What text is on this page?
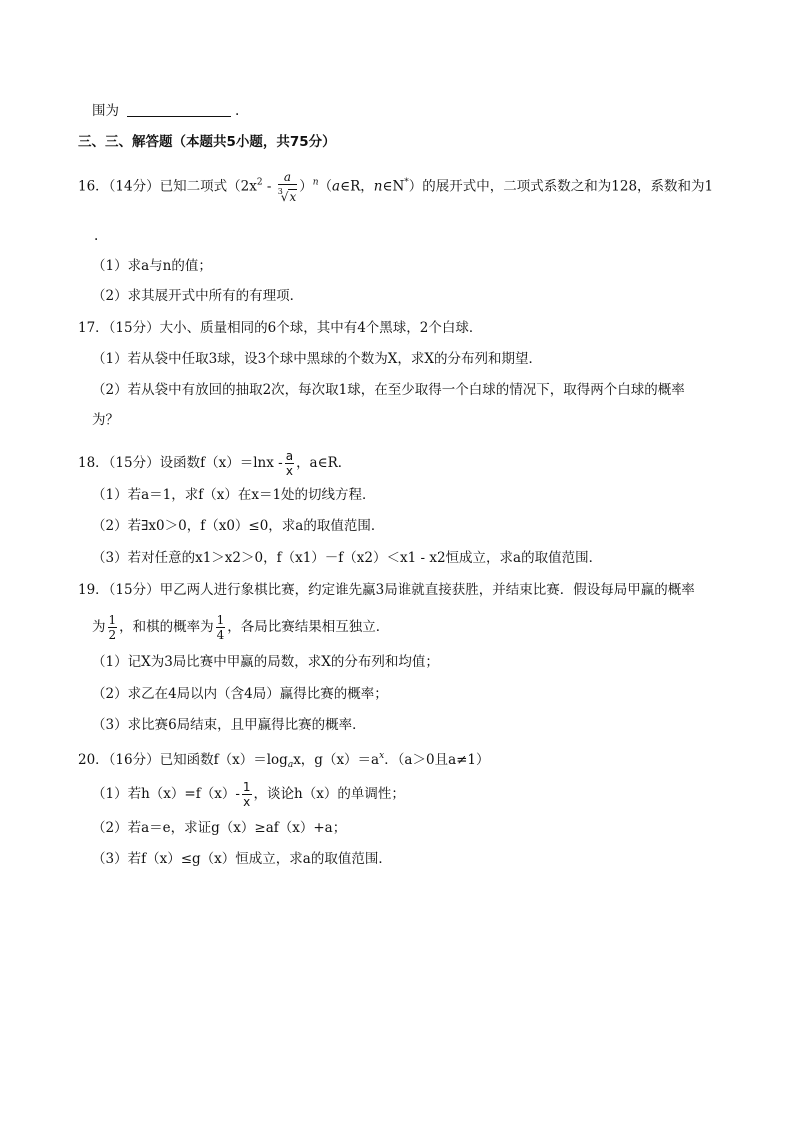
围为	.
三、三、解答题（本题共5小题，共75分）
16．（14分）已知二项式（$2x^2 - \frac{a}{^3√x}$ ）$^n$（a∈R，n∈N*）的展开式中，二项式系数之和为128，系数和为1
.
（1）求a与n的值；
（2）求其展开式中所有的有理项．
17．（15分）大小、质量相同的6个球，其中有4个黑球，2个白球．
（1）若从袋中任取3球，设3个球中黑球的个数为X，求X的分布列和期望．
（2）若从袋中有放回的抽取2次，每次取1球，在至少取得一个白球的情况下，取得两个白球的概率
为？
18．（15分）设函数$f(x)=\ln x - \frac{a}{x}$ ，a∈R．
（1）若a＝1，求f（x）在x＝1处的切线方程．
（2）若∃x0＞0，f（x0）≤0，求a的取值范围．
（3）若对任意的x1＞x2＞0，f（x1）－f（x2）＜x1 - x2恒成立，求a的取值范围．
19．（15分）甲乙两人进行象棋比赛，约定谁先赢3局谁就直接获胜，并结束比赛．假设每局甲赢的概率
为 $\frac{1}{2}$ ，和棋的概率为 $\frac{1}{4}$ ，各局比赛结果相互独立．
（1）记X为3局比赛中甲赢的局数，求X的分布列和均值；
（2）求乙在4局以内（含4局）赢得比赛的概率；
（3）求比赛6局结束，且甲赢得比赛的概率．
20．（16分）已知函数$f(x)=\log_ax$，$g(x)=a^x$．（a＞0且a≠1）
（1）若$h(x)=f(x)- \frac{1}{x}$ ，谈论h（x）的单调性；
（2）若a＝e，求证g（x）≥af（x）+a；
（3）若f（x）≤g（x）恒成立，求a的取值范围．
